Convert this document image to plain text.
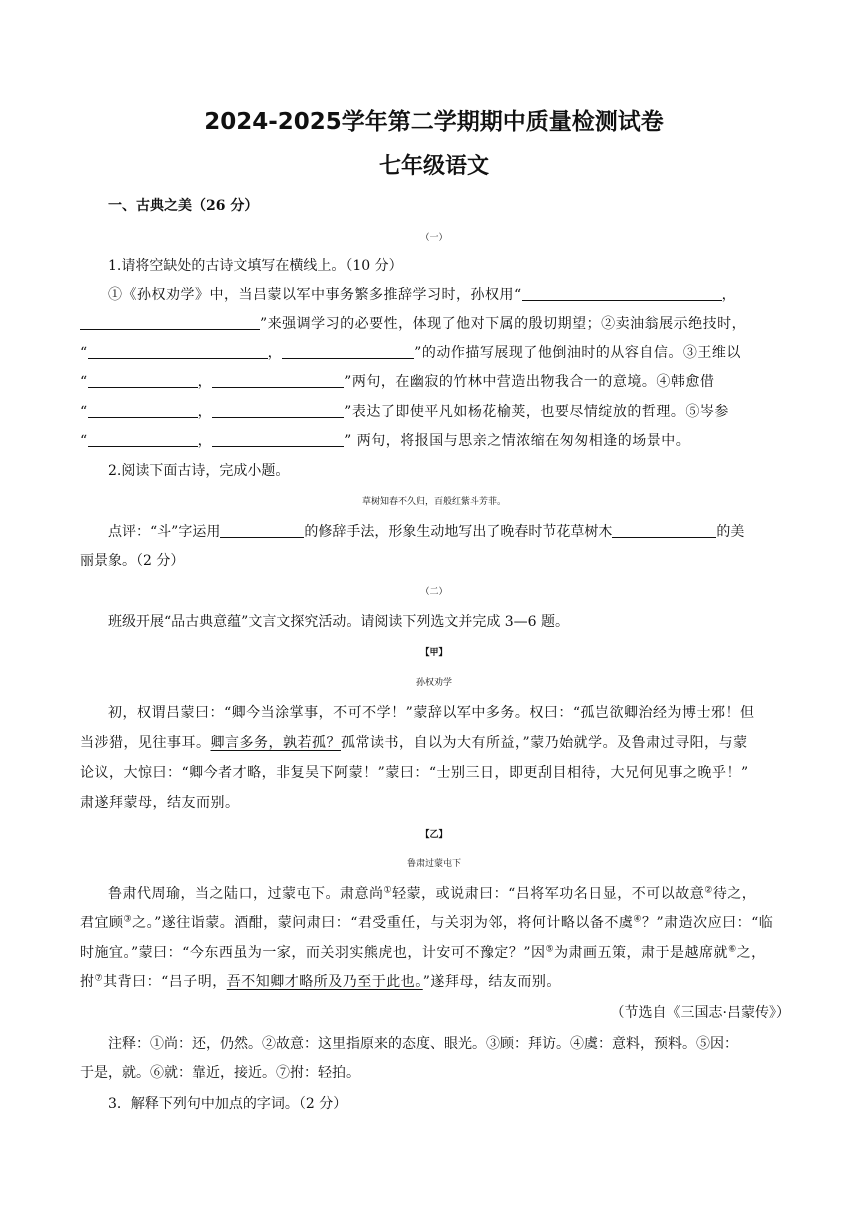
2024-2025学年第二学期期中质量检测试卷
七年级语文
一、古典之美（26 分）
（一）
1.请将空缺处的古诗文填写在横线上。（10 分）
①《孙权劝学》中，当吕蒙以军中事务繁多推辞学习时，孙权用“	，
”来强调学习的必要性，体现了他对下属的殷切期望；②卖油翁展示绝技时，
“	，	”的动作描写展现了他倒油时的从容自信。③王维以
“	，	”两句，在幽寂的竹林中营造出物我合一的意境。④韩愈借
“	，	”表达了即使平凡如杨花榆荚，也要尽情绽放的哲理。⑤岑参
“	，	” 两句，将报国与思亲之情浓缩在匆匆相逢的场景中。
2.阅读下面古诗，完成小题。
草树知春不久归，百般红紫斗芳菲。
点评：“斗”字运用	的修辞手法，形象生动地写出了晚春时节花草树木	的美
丽景象。（2 分）
（二）
班级开展“品古典意蕴”文言文探究活动。请阅读下列选文并完成 3—6 题。
【甲】
孙权劝学
初，权谓吕蒙曰：“卿今当涂掌事，不可不学！”蒙辞以军中多务。权曰：“孤岂欲卿治经为博士邪！但
当涉猎，见往事耳。卿言多务，孰若孤？孤常读书，自以为大有所益，”蒙乃始就学。及鲁肃过寻阳，与蒙
论议，大惊曰：“卿今者才略，非复吴下阿蒙！”蒙曰：“士别三日，即更刮目相待，大兄何见事之晚乎！”
肃遂拜蒙母，结友而别。
【乙】
鲁肃过蒙屯下
鲁肃代周瑜，当之陆口，过蒙屯下。肃意尚①轻蒙，或说肃曰：“吕将军功名日显，不可以故意②待之，
君宜顾③之。”遂往诣蒙。酒酣，蒙问肃曰：“君受重任，与关羽为邻，将何计略以备不虞④？”肃造次应曰：“临
时施宜。”蒙曰：“今东西虽为一家，而关羽实熊虎也，计安可不豫定？”因⑤为肃画五策，肃于是越席就⑥之，
拊⑦其背曰：“吕子明，吾不知卿才略所及乃至于此也。”遂拜母，结友而别。
（节选自《三国志·吕蒙传》）
注释：①尚：还，仍然。②故意：这里指原来的态度、眼光。③顾：拜访。④虞：意料，预料。⑤因：
于是，就。⑥就：靠近，接近。⑦拊：轻拍。
3．解释下列句中加点的字词。（2 分）
